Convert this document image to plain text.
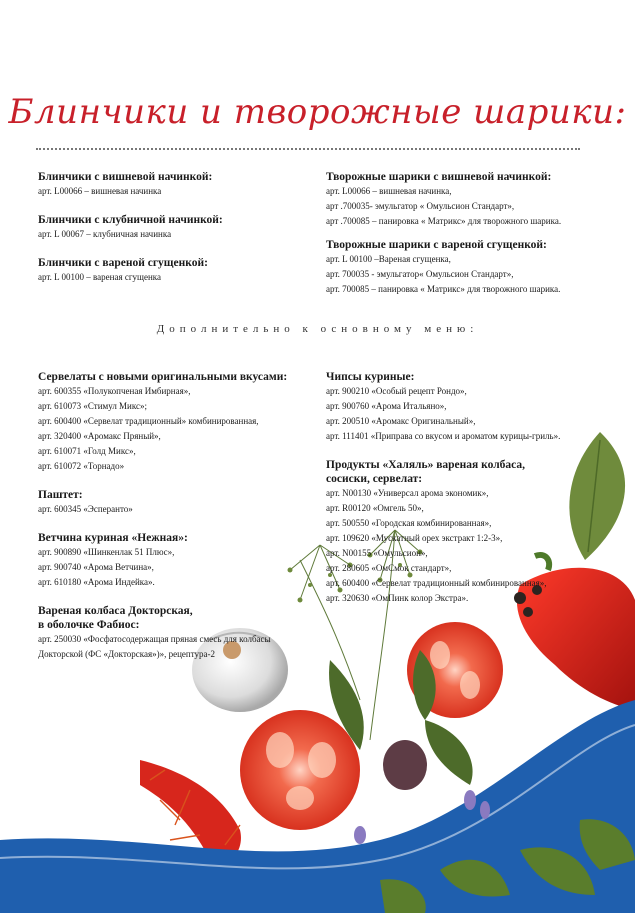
Блинчики и творожные шарики:
Блинчики с вишневой начинкой:
арт. L00066 – вишневая начинка
Блинчики с клубничной начинкой:
арт. L 00067 – клубничная начинка
Блинчики с вареной сгущенкой:
арт. L 00100 – вареная сгущенка
Творожные шарики с вишневой начинкой:
арт. L00066 – вишневая начинка,
арт .700035- эмульгатор « Омульсион Стандарт»,
арт .700085 – панировка « Матрикс» для творожного шарика.
Творожные шарики с вареной сгущенкой:
арт. L 00100 –Вареная сгущенка,
арт. 700035 - эмульгатор« Омульсион Стандарт»,
арт. 700085 – панировка « Матрикс» для творожного шарика.
Дополнительно к основному меню:
Сервелаты с новыми оригинальными вкусами:
арт. 600355 «Полукопченая Имбирная»,
арт. 610073 «Стимул Микс»;
арт. 600400 «Сервелат традиционный» комбинированная,
арт. 320400 «Аромакс Пряный»,
арт. 610071 «Голд Микс»,
арт. 610072 «Торнадо»
Паштет:
арт. 600345 «Эсперанто»
Ветчина куриная «Нежная»:
арт. 900890 «Шинкенлак 51 Плюс»,
арт. 900740 «Арома Ветчина»,
арт. 610180 «Арома Индейка».
Вареная колбаса Докторская,
в оболочке Фабиос:
арт. 250030 «Фосфатосодержащая пряная смесь для колбасы
Докторской (ФС «Докторская»)», рецептура-2
Чипсы куриные:
арт. 900210 «Особый рецепт Рондо»,
арт. 900760 «Арома Итальяно»,
арт. 200510 «Аромакс Оригинальный»,
арт. 111401 «Приправа со вкусом и ароматом курицы-гриль».
Продукты «Халяль» вареная колбаса,
сосиски, сервелат:
арт. N00130 «Универсал арома экономик»,
арт. R00120 «Омгель 50»,
арт. 500550 «Городская комбинированная»,
арт. 109620 «Мускатный орех экстракт 1:2-3»,
арт. N00155 «Омульсион»,
арт. 280605 «ОмСмок стандарт»,
арт. 600400 «Сервелат традиционный комбинированная»,
арт. 320630 «ОмПинк колор Экстра».
